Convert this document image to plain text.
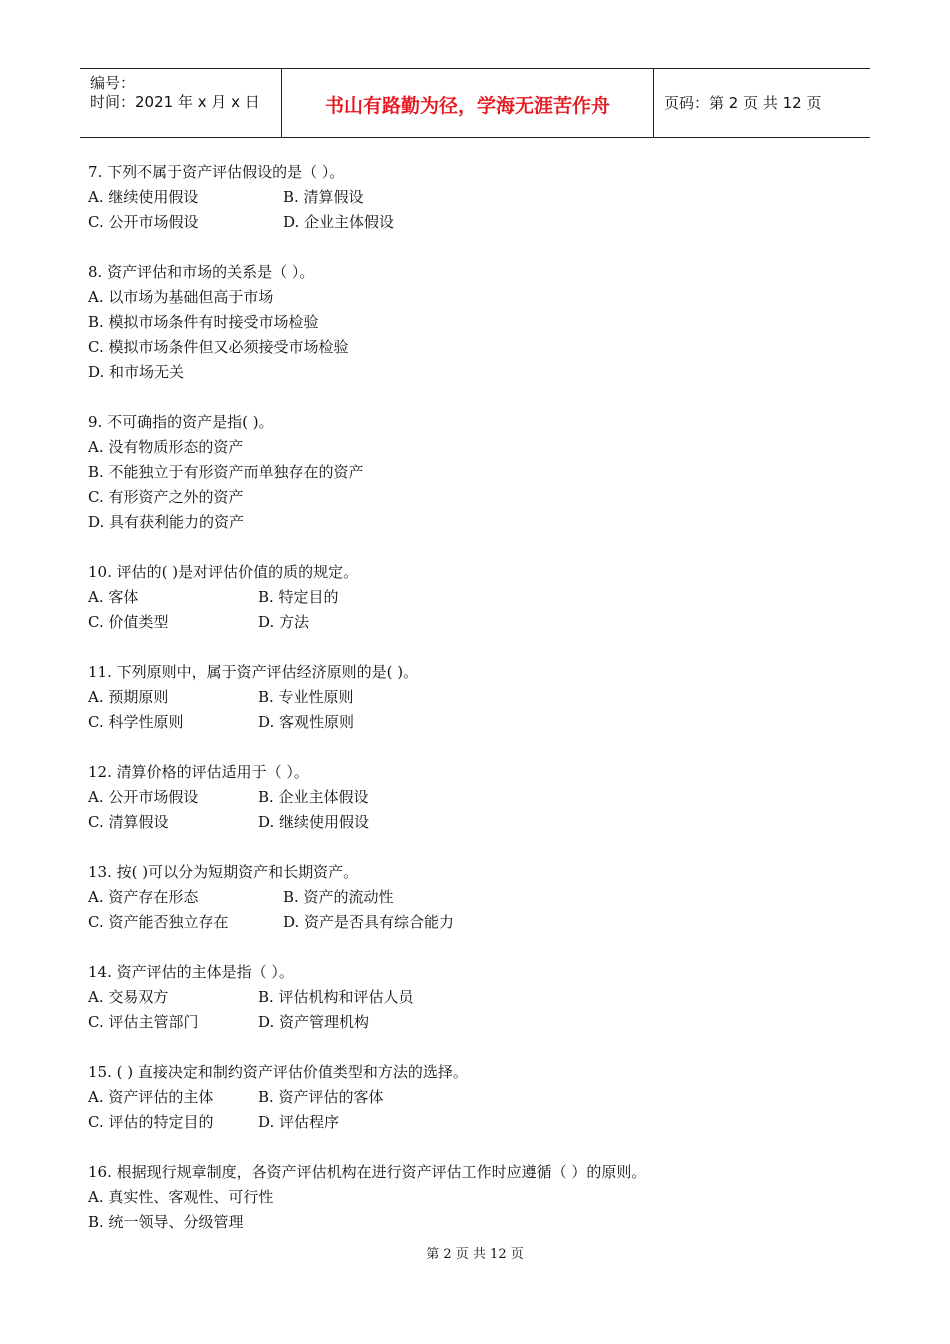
编号：
时间：2021 年 x 月 x 日	书山有路勤为径，学海无涯苦作舟	页码：第 2 页 共 12 页
7. 下列不属于资产评估假设的是（ ）。
A. 继续使用假设	B. 清算假设
C. 公开市场假设	D. 企业主体假设
8. 资产评估和市场的关系是（ ）。
A. 以市场为基础但高于市场
B. 模拟市场条件有时接受市场检验
C. 模拟市场条件但又必须接受市场检验
D. 和市场无关
9. 不可确指的资产是指( )。
A. 没有物质形态的资产
B. 不能独立于有形资产而单独存在的资产
C. 有形资产之外的资产
D. 具有获利能力的资产
10. 评估的( )是对评估价值的质的规定。
A. 客体	B. 特定目的
C. 价值类型	D. 方法
11. 下列原则中，属于资产评估经济原则的是( )。
A. 预期原则	B. 专业性原则
C. 科学性原则	D. 客观性原则
12. 清算价格的评估适用于（ ）。
A. 公开市场假设	B. 企业主体假设
C. 清算假设	D. 继续使用假设
13. 按( )可以分为短期资产和长期资产。
A. 资产存在形态	B. 资产的流动性
C. 资产能否独立存在	D. 资产是否具有综合能力
14. 资产评估的主体是指（ ）。
A. 交易双方	B. 评估机构和评估人员
C. 评估主管部门	D. 资产管理机构
15. ( ) 直接决定和制约资产评估价值类型和方法的选择。
A. 资产评估的主体	B. 资产评估的客体
C. 评估的特定目的	D. 评估程序
16. 根据现行规章制度，各资产评估机构在进行资产评估工作时应遵循（ ）的原则。
A. 真实性、客观性、可行性
B. 统一领导、分级管理
第 2 页 共 12 页
